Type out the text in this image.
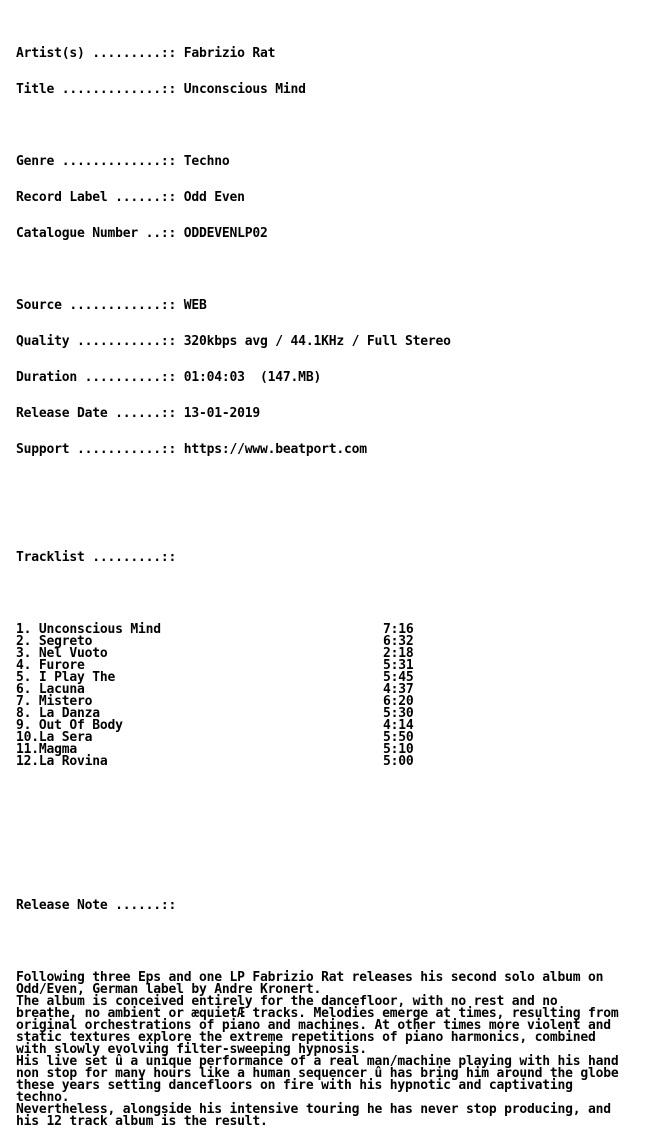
Artist(s) .........:: Fabrizio Rat

Title .............:: Unconscious Mind

Genre .............:: Techno

Record Label ......:: Odd Even

Catalogue Number ..:: ODDEVENLP02

Source ............:: WEB

Quality ...........:: 320kbps avg / 44.1KHz / Full Stereo

Duration ..........:: 01:04:03  (147.MB)

Release Date ......:: 13-01-2019

Support ...........:: https://www.beatport.com

Tracklist .........::

1. Unconscious Mind	7:16
2. Segreto	6:32
3. Nel Vuoto	2:18
4. Furore	5:31
5. I Play The	5:45
6. Lacuna	4:37
7. Mistero	6:20
8. La Danza	5:30
9. Out Of Body	4:14
10.La Sera	5:50
11.Magma	5:10
12.La Rovina	5:00

Release Note ......::

Following three Eps and one LP Fabrizio Rat releases his second solo album on
Odd/Even, German label by Andre Kronert.
The album is conceived entirely for the dancefloor, with no rest and no
breathe, no ambient or æquietÆ tracks. Melodies emerge at times, resulting from
original orchestrations of piano and machines. At other times more violent and
static textures explore the extreme repetitions of piano harmonics, combined
with slowly evolving filter-sweeping hypnosis.
His live set û a unique performance of a real man/machine playing with his hand
non stop for many hours like a human sequencer û has bring him around the globe
these years setting dancefloors on fire with his hypnotic and captivating
techno.
Nevertheless, alongside his intensive touring he has never stop producing, and
his 12 track album is the result.
